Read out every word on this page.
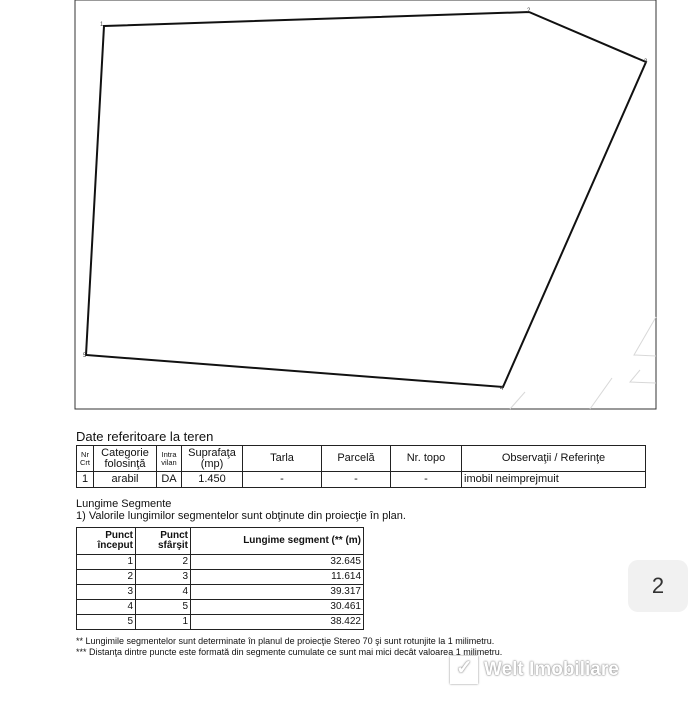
1
2
3
4
5
Date referitoare la teren
Nr Crt	Categorie folosinţă	Intra vilan	Suprafaţa (mp)	Tarla	Parcelă	Nr. topo	Observaţii / Referinţe
1	arabil	DA	1.450	-	-	-	imobil neimprejmuit
Lungime Segmente
1) Valorile lungimilor segmentelor sunt obţinute din proiecţie în plan.
Punct început	Punct sfârşit	Lungime segment (** (m)
1	2	32.645
2	3	11.614
3	4	39.317
4	5	30.461
5	1	38.422
** Lungimile segmentelor sunt determinate în planul de proiecţie Stereo 70 şi sunt rotunjite la 1 milimetru.
*** Distanţa dintre puncte este formată din segmente cumulate ce sunt mai mici decât valoarea 1 milimetru.
2
✓
Welt Imobiliare
